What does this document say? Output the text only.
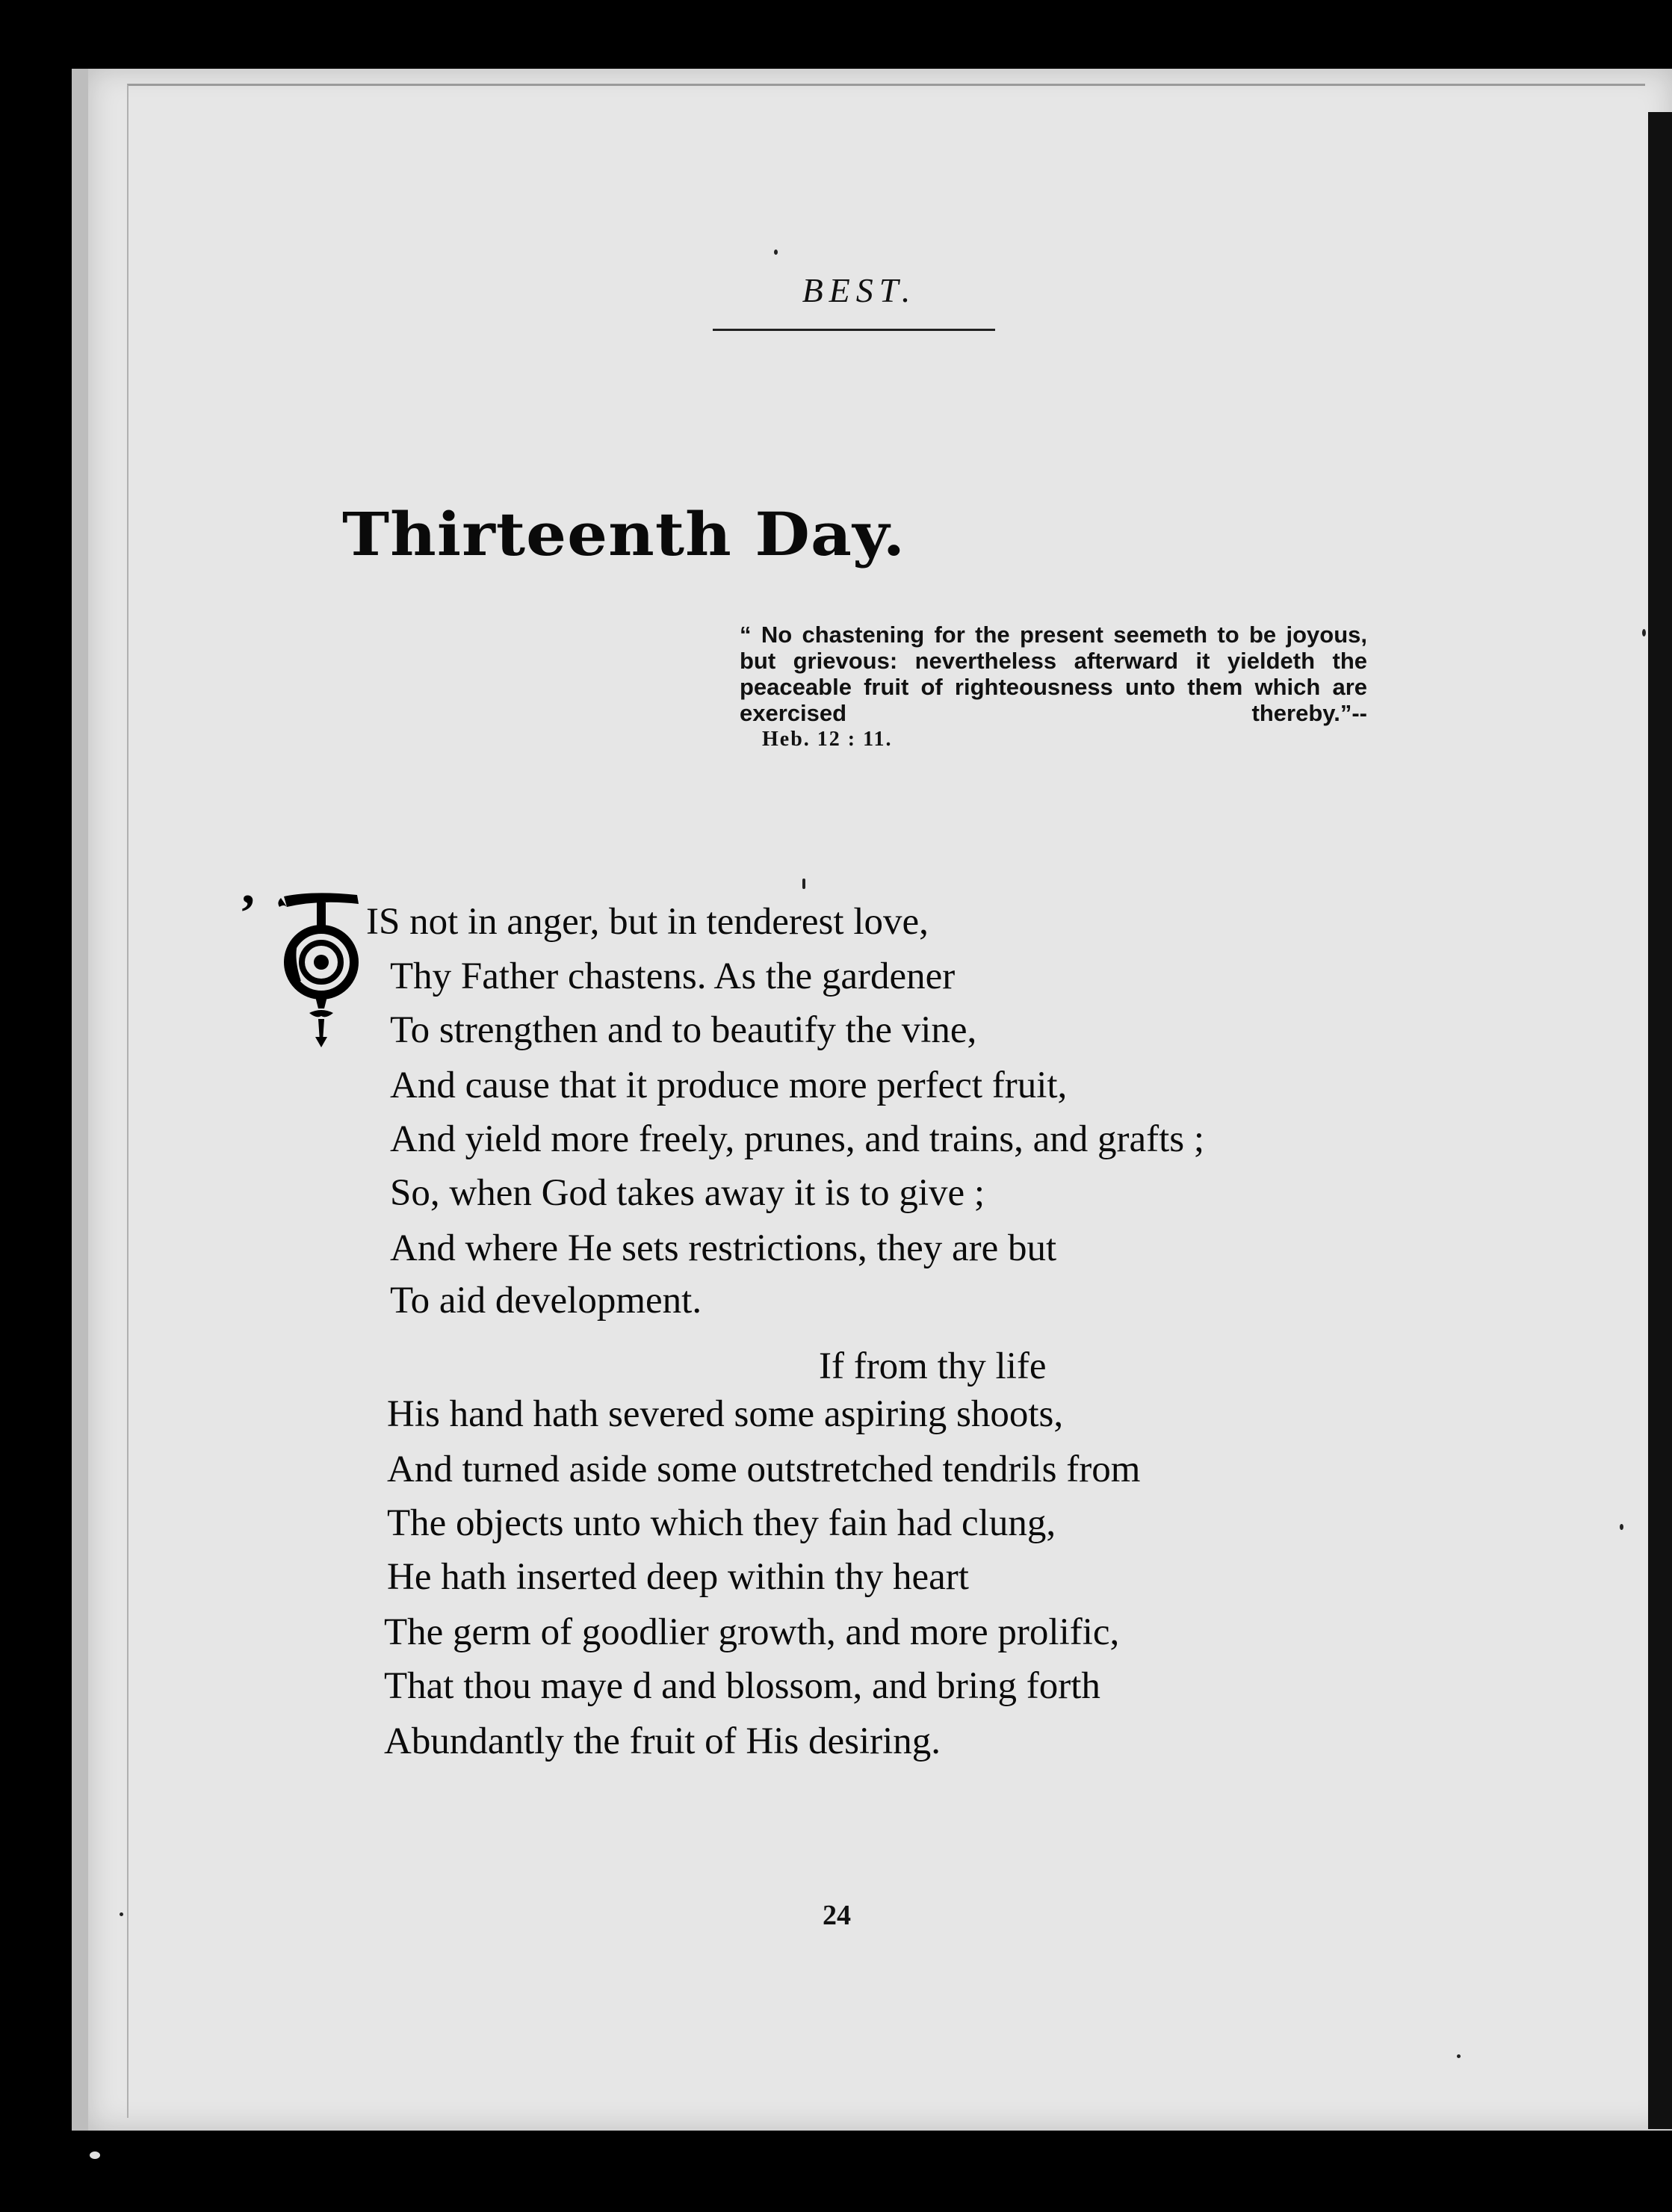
BEST.
Thirteenth Day.
“ No chastening for the present seemeth to be joyous, but grievous: nevertheless afterward it yieldeth the peaceable fruit of righteousness unto them which are exercised thereby.”--
Heb. 12 : 11.
’	IS not in anger, but in tenderest love,
Thy Father chastens. As the gardener
To strengthen and to beautify the vine,
And cause that it produce more perfect fruit,
And yield more freely, prunes, and trains, and grafts ;
So, when God takes away it is to give ;
And where He sets restrictions, they are but
To aid development.
If from thy life
His hand hath severed some aspiring shoots,
And turned aside some outstretched tendrils from
The objects unto which they fain had clung,
He hath inserted deep within thy heart
The germ of goodlier growth, and more prolific,
That thou maye d and blossom, and bring forth
Abundantly the fruit of His desiring.
24
